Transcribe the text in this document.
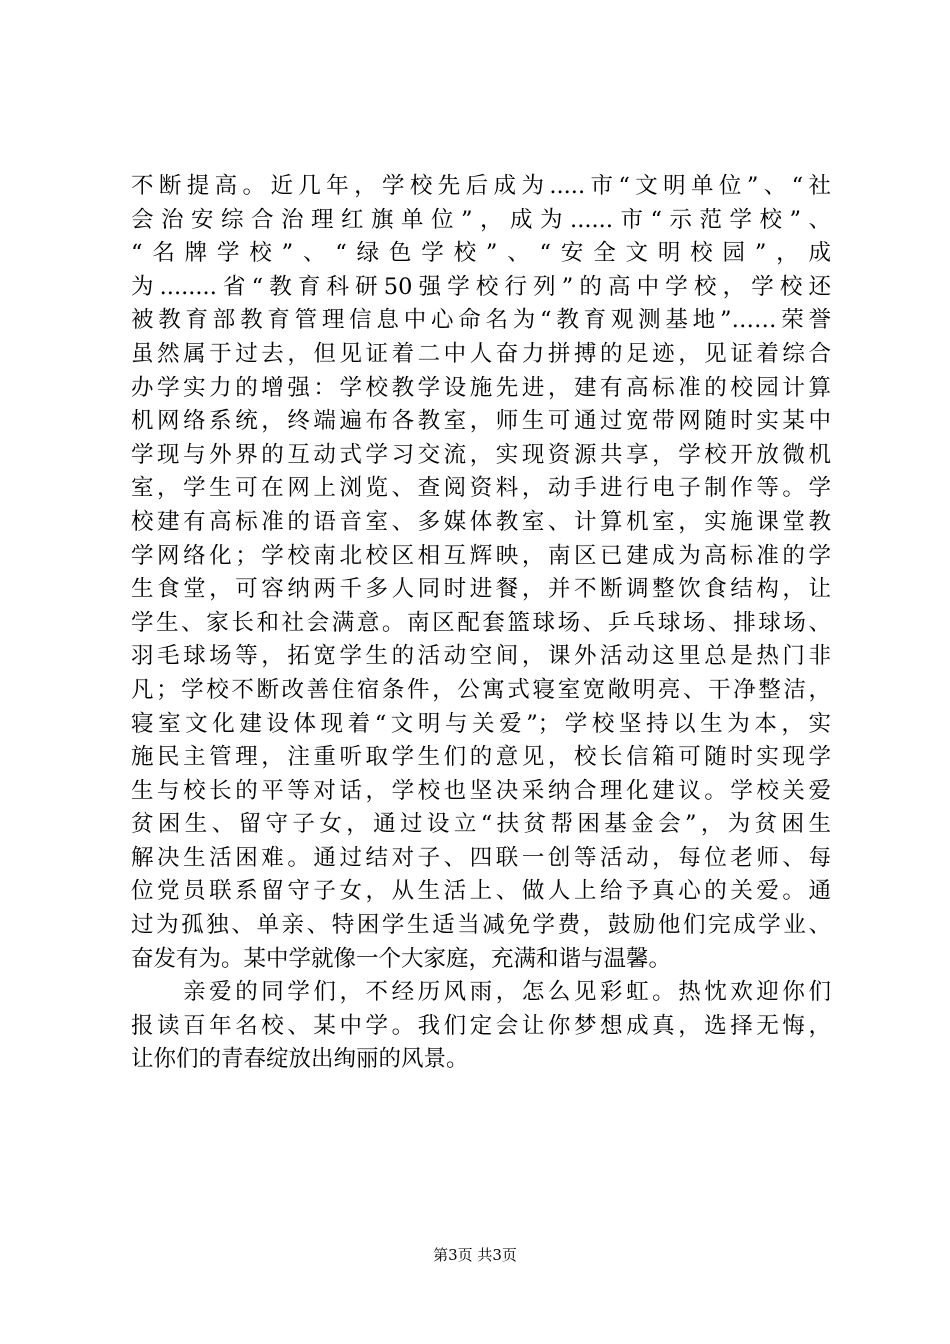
不断提高。近几年，学校先后成为.....市“文明单位”、“社
会治安综合治理红旗单位”，成为......市“示范学校”、
“名牌学校”、“绿色学校”、“安全文明校园”，成
为........省“教育科研50强学校行列”的高中学校，学校还
被教育部教育管理信息中心命名为“教育观测基地”……荣誉
虽然属于过去，但见证着二中人奋力拼搏的足迹，见证着综合
办学实力的增强：学校教学设施先进，建有高标准的校园计算
机网络系统，终端遍布各教室，师生可通过宽带网随时实某中
学现与外界的互动式学习交流，实现资源共享，学校开放微机
室，学生可在网上浏览、查阅资料，动手进行电子制作等。学
校建有高标准的语音室、多媒体教室、计算机室，实施课堂教
学网络化；学校南北校区相互辉映，南区已建成为高标准的学
生食堂，可容纳两千多人同时进餐，并不断调整饮食结构，让
学生、家长和社会满意。南区配套篮球场、乒乓球场、排球场、
羽毛球场等，拓宽学生的活动空间，课外活动这里总是热门非
凡；学校不断改善住宿条件，公寓式寝室宽敞明亮、干净整洁，
寝室文化建设体现着“文明与关爱”；学校坚持以生为本，实
施民主管理，注重听取学生们的意见，校长信箱可随时实现学
生与校长的平等对话，学校也坚决采纳合理化建议。学校关爱
贫困生、留守子女，通过设立“扶贫帮困基金会”，为贫困生
解决生活困难。通过结对子、四联一创等活动，每位老师、每
位党员联系留守子女，从生活上、做人上给予真心的关爱。通
过为孤独、单亲、特困学生适当减免学费，鼓励他们完成学业、
奋发有为。某中学就像一个大家庭，充满和谐与温馨。
　　亲爱的同学们，不经历风雨，怎么见彩虹。热忱欢迎你们
报读百年名校、某中学。我们定会让你梦想成真，选择无悔，
让你们的青春绽放出绚丽的风景。
第3页 共3页
